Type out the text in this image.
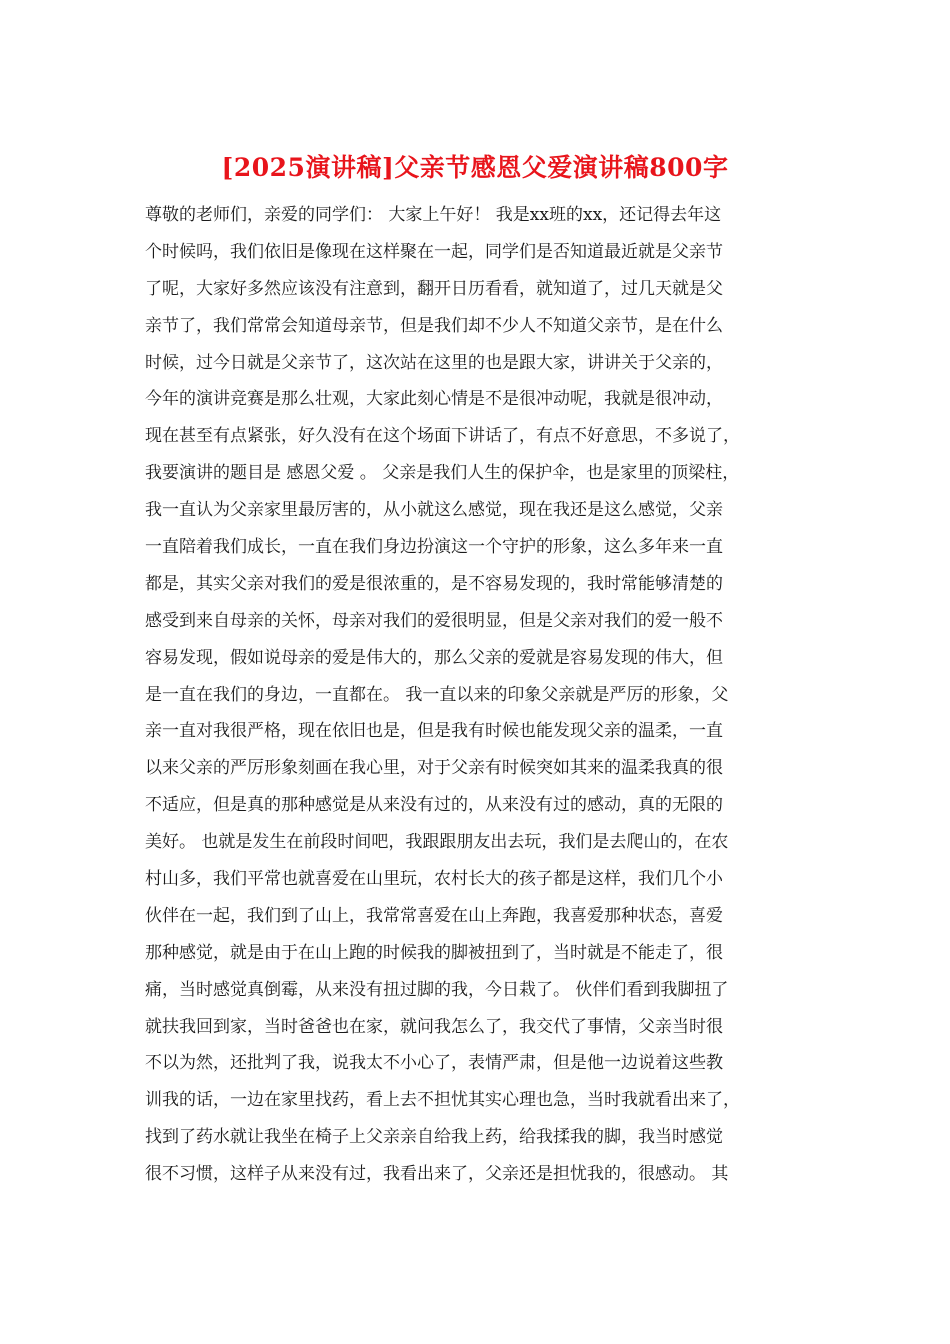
[2025演讲稿]父亲节感恩父爱演讲稿800字
尊敬的老师们，亲爱的同学们： 大家上午好！ 我是xx班的xx，还记得去年这
个时候吗，我们依旧是像现在这样聚在一起，同学们是否知道最近就是父亲节
了呢，大家好多然应该没有注意到，翻开日历看看，就知道了，过几天就是父
亲节了，我们常常会知道母亲节，但是我们却不少人不知道父亲节，是在什么
时候，过今日就是父亲节了，这次站在这里的也是跟大家，讲讲关于父亲的，
今年的演讲竞赛是那么壮观，大家此刻心情是不是很冲动呢，我就是很冲动，
现在甚至有点紧张，好久没有在这个场面下讲话了，有点不好意思，不多说了，
我要演讲的题目是 感恩父爱 。 父亲是我们人生的保护伞，也是家里的顶梁柱，
我一直认为父亲家里最厉害的，从小就这么感觉，现在我还是这么感觉，父亲
一直陪着我们成长，一直在我们身边扮演这一个守护的形象，这么多年来一直
都是，其实父亲对我们的爱是很浓重的，是不容易发现的，我时常能够清楚的
感受到来自母亲的关怀，母亲对我们的爱很明显，但是父亲对我们的爱一般不
容易发现，假如说母亲的爱是伟大的，那么父亲的爱就是容易发现的伟大，但
是一直在我们的身边，一直都在。 我一直以来的印象父亲就是严厉的形象，父
亲一直对我很严格，现在依旧也是，但是我有时候也能发现父亲的温柔，一直
以来父亲的严厉形象刻画在我心里，对于父亲有时候突如其来的温柔我真的很
不适应，但是真的那种感觉是从来没有过的，从来没有过的感动，真的无限的
美好。 也就是发生在前段时间吧，我跟跟朋友出去玩，我们是去爬山的，在农
村山多，我们平常也就喜爱在山里玩，农村长大的孩子都是这样，我们几个小
伙伴在一起，我们到了山上，我常常喜爱在山上奔跑，我喜爱那种状态，喜爱
那种感觉，就是由于在山上跑的时候我的脚被扭到了，当时就是不能走了，很
痛，当时感觉真倒霉，从来没有扭过脚的我，今日栽了。 伙伴们看到我脚扭了
就扶我回到家，当时爸爸也在家，就问我怎么了，我交代了事情，父亲当时很
不以为然，还批判了我，说我太不小心了，表情严肃，但是他一边说着这些教
训我的话，一边在家里找药，看上去不担忧其实心理也急，当时我就看出来了，
找到了药水就让我坐在椅子上父亲亲自给我上药，给我揉我的脚，我当时感觉
很不习惯，这样子从来没有过，我看出来了，父亲还是担忧我的，很感动。 其
